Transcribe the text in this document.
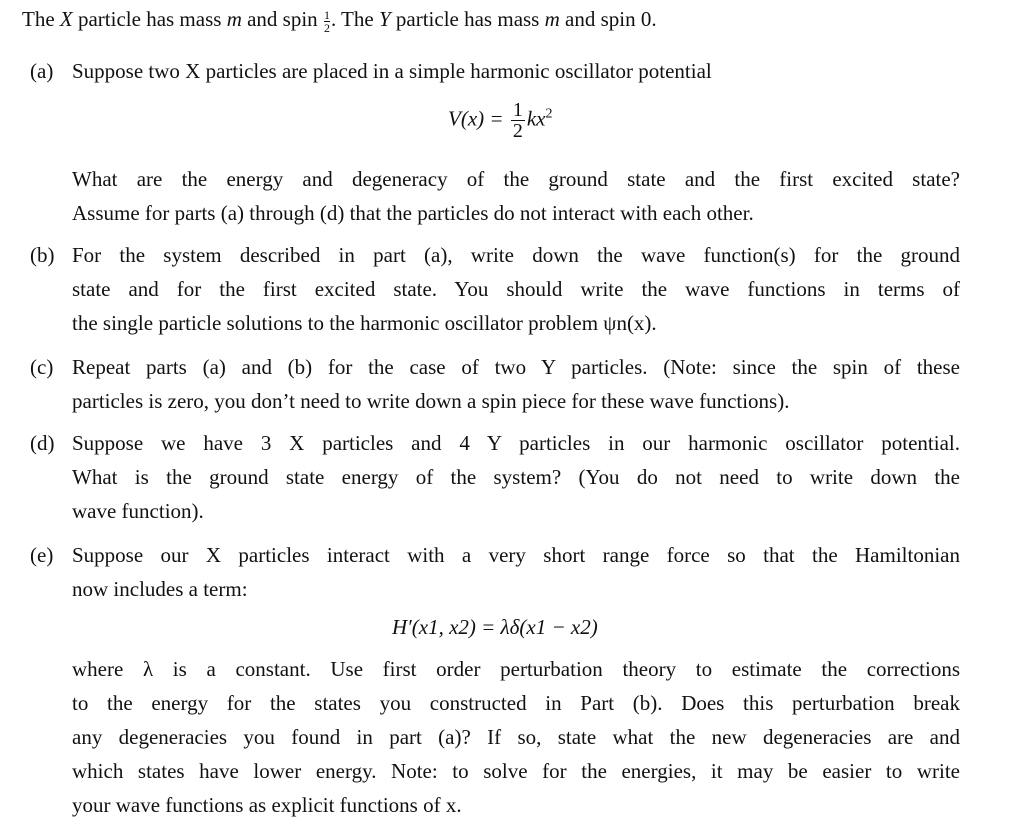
The X particle has mass m and spin $\frac{1}{2}$ . The Y particle has mass m and spin 0.
(a) Suppose two X particles are placed in a simple harmonic oscillator potential
$V(x) = \frac{1}{2} kx^2$
What are the energy and degeneracy of the ground state and the first excited state?
Assume for parts (a) through (d) that the particles do not interact with each other.
(b) For the system described in part (a), write down the wave function(s) for the ground
state and for the first excited state. You should write the wave functions in terms of
the single particle solutions to the harmonic oscillator problem ψn(x).
(c) Repeat parts (a) and (b) for the case of two Y particles. (Note: since the spin of these
particles is zero, you don’t need to write down a spin piece for these wave functions).
(d) Suppose we have 3 X particles and 4 Y particles in our harmonic oscillator potential.
What is the ground state energy of the system? (You do not need to write down the
wave function).
(e) Suppose our X particles interact with a very short range force so that the Hamiltonian
now includes a term:
H′(x1, x2) = λδ(x1 − x2)
where λ is a constant. Use first order perturbation theory to estimate the corrections
to the energy for the states you constructed in Part (b). Does this perturbation break
any degeneracies you found in part (a)? If so, state what the new degeneracies are and
which states have lower energy. Note: to solve for the energies, it may be easier to write
your wave functions as explicit functions of x.
